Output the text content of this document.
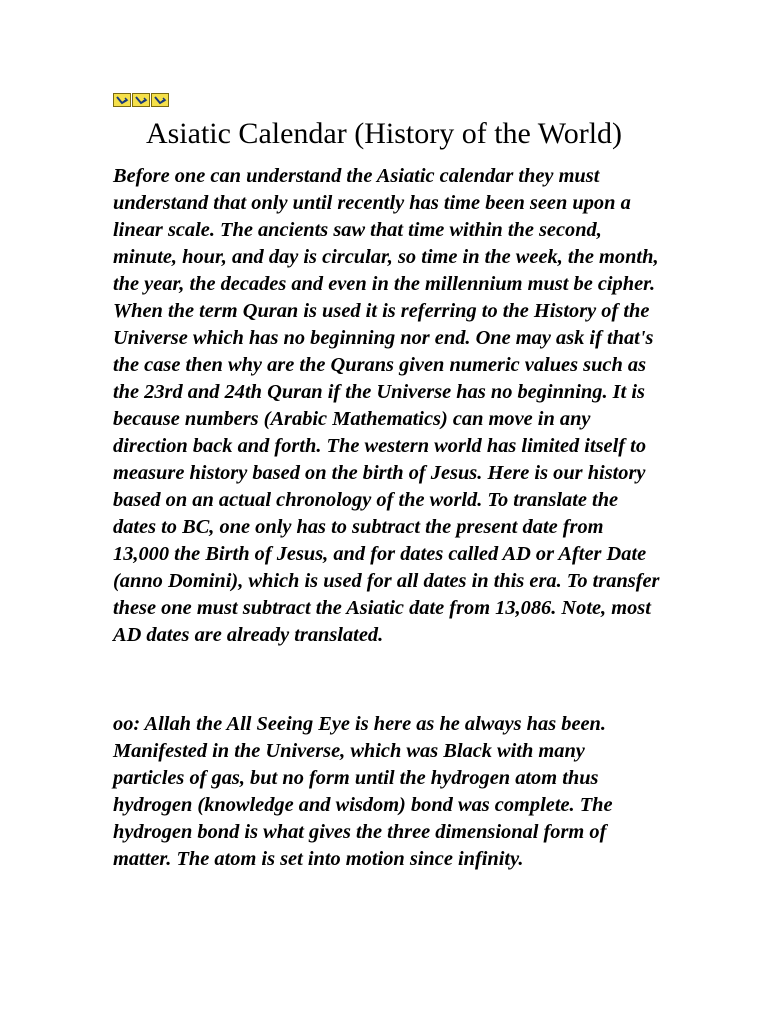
Asiatic Calendar (History of the World)

Before one can understand the Asiatic calendar they must understand that only until recently has time been seen upon a linear scale. The ancients saw that time within the second, minute, hour, and day is circular, so time in the week, the month, the year, the decades and even in the millennium must be cipher. When the term Quran is used it is referring to the History of the Universe which has no beginning nor end. One may ask if that's the case then why are the Qurans given numeric values such as the 23rd and 24th Quran if the Universe has no beginning. It is because numbers (Arabic Mathematics) can move in any direction back and forth. The western world has limited itself to measure history based on the birth of Jesus. Here is our history based on an actual chronology of the world. To translate the dates to BC, one only has to subtract the present date from 13,000 the Birth of Jesus, and for dates called AD or After Date (anno Domini), which is used for all dates in this era. To transfer these one must subtract the Asiatic date from 13,086. Note, most AD dates are already translated.

oo: Allah the All Seeing Eye is here as he always has been. Manifested in the Universe, which was Black with many particles of gas, but no form until the hydrogen atom thus hydrogen (knowledge and wisdom) bond was complete. The hydrogen bond is what gives the three dimensional form of matter. The atom is set into motion since infinity.
